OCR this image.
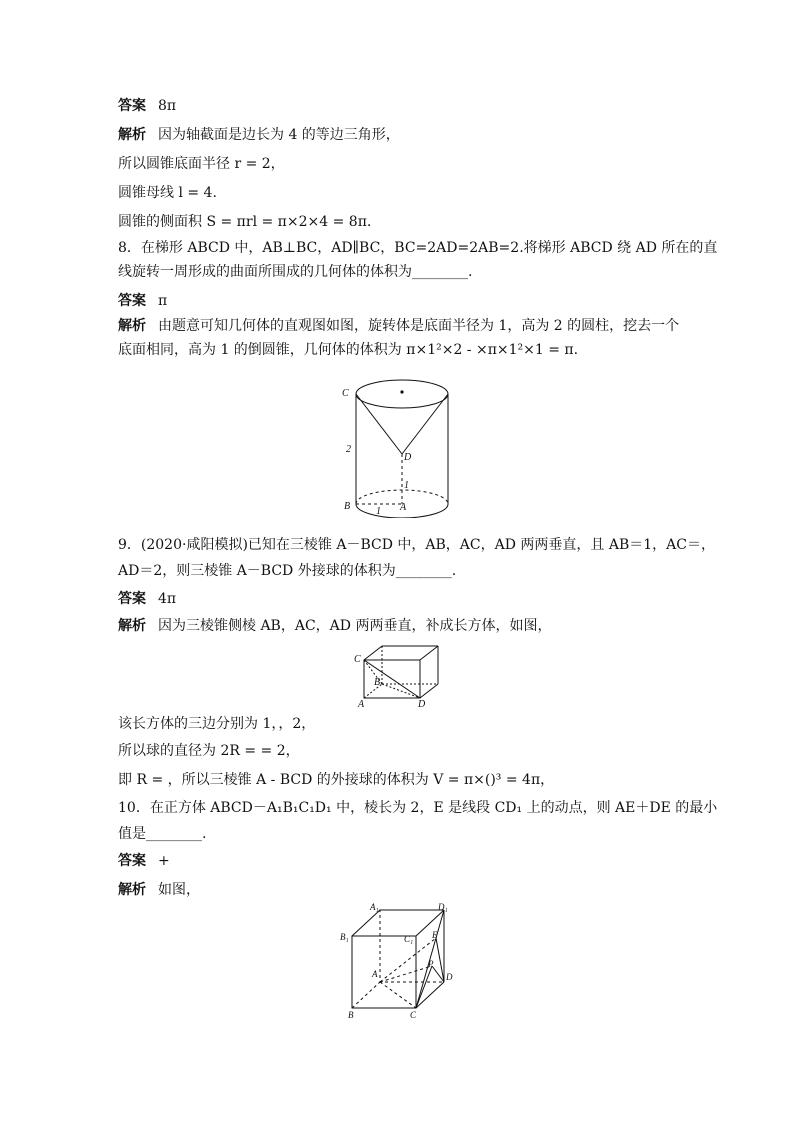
答案 8π
解析 因为轴截面是边长为 4 的等边三角形，
所以圆锥底面半径 r = 2，
圆锥母线 l = 4.
圆锥的侧面积 S = πrl = π×2×4 = 8π.
8．在梯形 ABCD 中，AB⊥BC，AD∥BC，BC=2AD=2AB=2.将梯形 ABCD 绕 AD 所在的直
线旋转一周形成的曲面所围成的几何体的体积为________.
答案 π
解析 由题意可知几何体的直观图如图，旋转体是底面半径为 1，高为 2 的圆柱，挖去一个
底面相同，高为 1 的倒圆锥，几何体的体积为 π×1²×2 - ×π×1²×1 = π.
C
D
B	A
2
1
1
9．(2020·咸阳模拟)已知在三棱锥 A－BCD 中，AB，AC，AD 两两垂直，且 AB＝1，AC＝，
AD＝2，则三棱锥 A－BCD 外接球的体积为________.
答案 4π
解析 因为三棱锥侧棱 AB，AC，AD 两两垂直，补成长方体，如图，
C
B
A	D
该长方体的三边分别为 1，，2，
所以球的直径为 2R = = 2，
即 R = ，所以三棱锥 A - BCD 的外接球的体积为 V = π×()³ = 4π，
10．在正方体 ABCD－A₁B₁C₁D₁ 中，棱长为 2，E 是线段 CD₁ 上的动点，则 AE＋DE 的最小
值是________.
答案 +
解析 如图，
A₁	D₁
B₁	C₁ E
A
P
D
B	C
